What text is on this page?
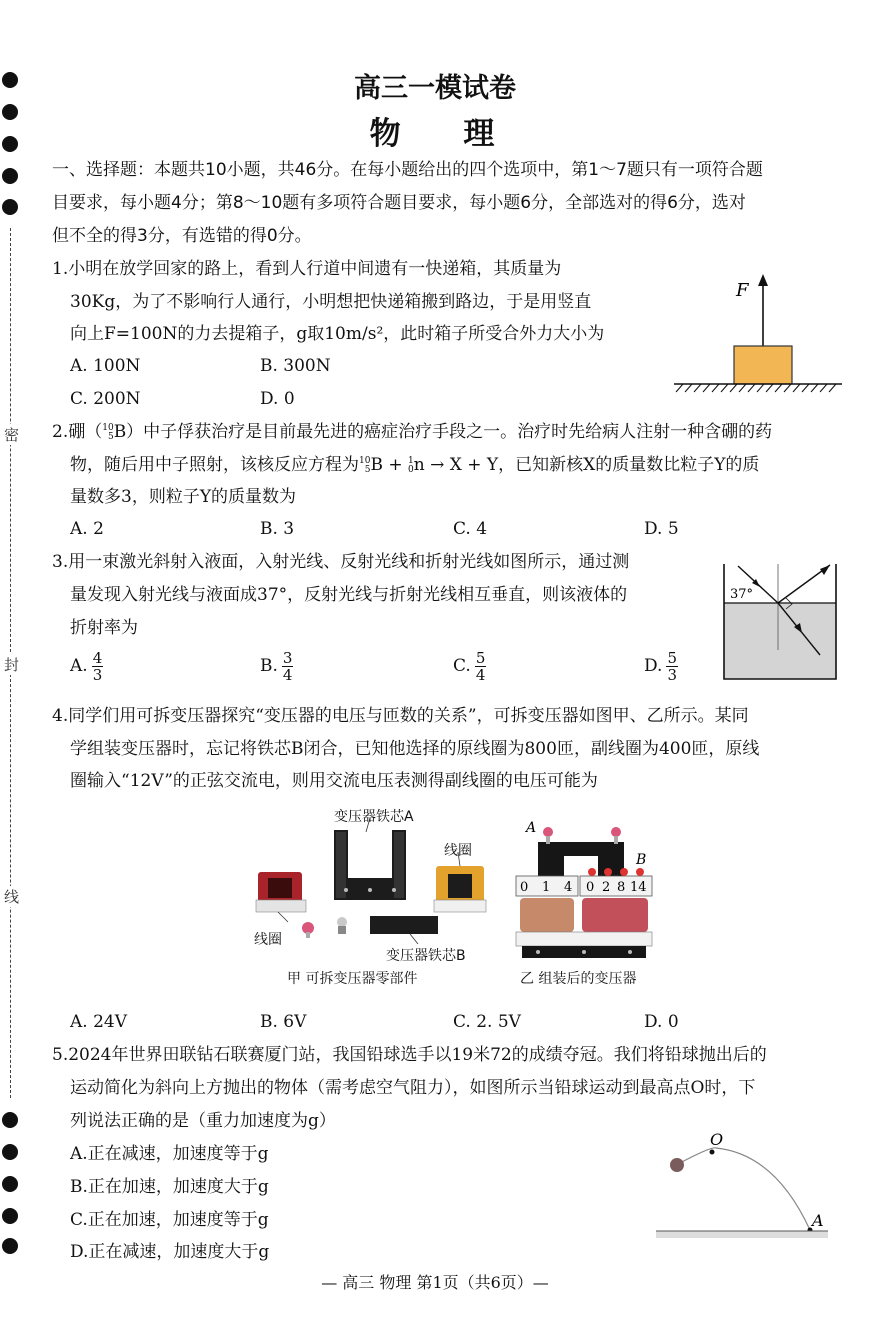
密
封
线
高三一模试卷
物 理
一、选择题：本题共10小题，共46分。在每小题给出的四个选项中，第1～7题只有一项符合题
目要求，每小题4分；第8～10题有多项符合题目要求，每小题6分，全部选对的得6分，选对
但不全的得3分，有选错的得0分。
1.小明在放学回家的路上，看到人行道中间遗有一快递箱，其质量为
30Kg，为了不影响行人通行，小明想把快递箱搬到路边，于是用竖直
向上F=100N的力去提箱子，g取10m/s²，此时箱子所受合外力大小为
A. 100N	B. 300N
C. 200N	D. 0
F
2.硼（ 10
5 B）中子俘获治疗是目前最先进的癌症治疗手段之一。治疗时先给病人注射一种含硼的药
物，随后用中子照射，该核反应方程为 10
5 B + 1
0 n → X + Y，已知新核X的质量数比粒子Y的质
量数多3，则粒子Y的质量数为
A. 2	B. 3	C. 4	D. 5
3.用一束激光斜射入液面，入射光线、反射光线和折射光线如图所示，通过测
量发现入射光线与液面成37°，反射光线与折射光线相互垂直，则该液体的
折射率为
A. $\frac{4}{3}$	B. $\frac{3}{4}$	C. $\frac{5}{4}$	D. $\frac{5}{3}$
37°
4.同学们用可拆变压器探究“变压器的电压与匝数的关系”，可拆变压器如图甲、乙所示。某同
学组装变压器时，忘记将铁芯B闭合，已知他选择的原线圈为800匝，副线圈为400匝，原线
圈输入“12V”的正弦交流电，则用交流电压表测得副线圈的电压可能为
0 1 4 0 2 8 14
A
B
变压器铁芯A
线圈
线圈
变压器铁芯B
甲 可拆变压器零部件	乙 组装后的变压器
A. 24V	B. 6V	C. 2. 5V	D. 0
5.2024年世界田联钻石联赛厦门站，我国铅球选手以19米72的成绩夺冠。我们将铅球抛出后的
运动简化为斜向上方抛出的物体（需考虑空气阻力），如图所示当铅球运动到最高点O时，下
列说法正确的是（重力加速度为g）
A.正在减速，加速度等于g
B.正在加速，加速度大于g
C.正在加速，加速度等于g
D.正在减速，加速度大于g
O
A
— 高三 物理 第1页（共6页）—
